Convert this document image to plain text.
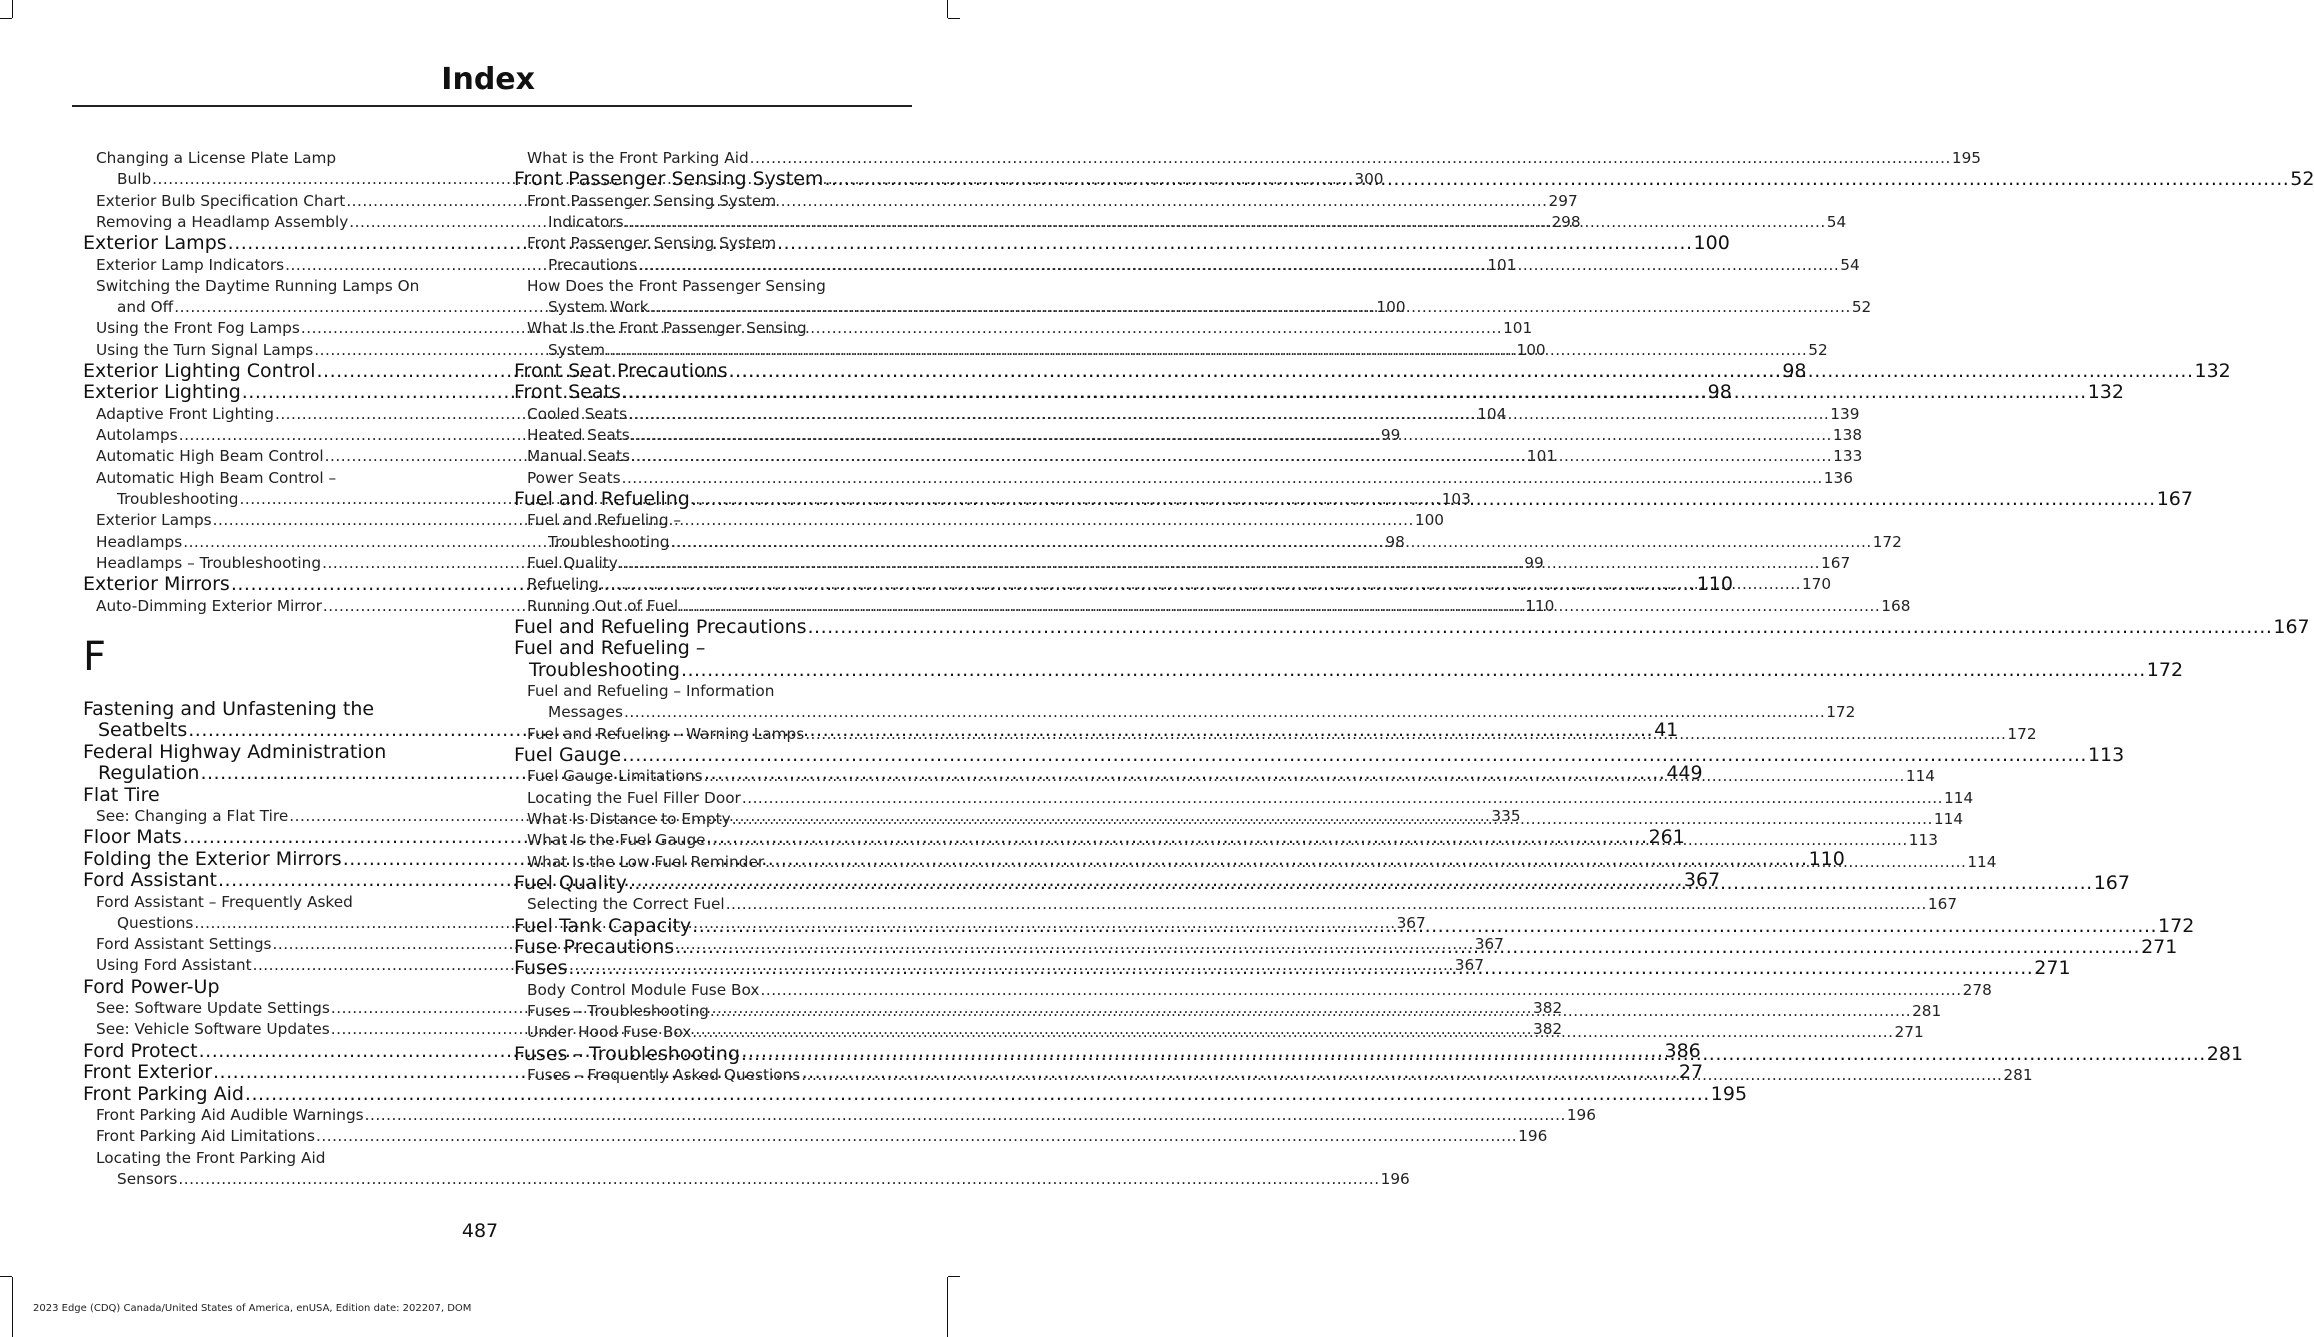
Index
Changing a License Plate Lamp
Bulb .....	300
Exterior Bulb Specification Chart .....	297
Removing a Headlamp Assembly .....	298
Exterior Lamps .....	100
Exterior Lamp Indicators .....	101
Switching the Daytime Running Lamps On
and Off .....	100
Using the Front Fog Lamps .....	101
Using the Turn Signal Lamps .....	100
Exterior Lighting Control .....	98
Exterior Lighting .....	98
Adaptive Front Lighting .....	104
Autolamps .....	99
Automatic High Beam Control .....	101
Automatic High Beam Control –
Troubleshooting .....	103
Exterior Lamps .....	100
Headlamps .....	98
Headlamps – Troubleshooting .....	99
Exterior Mirrors .....	110
Auto-Dimming Exterior Mirror .....	110
F
Fastening and Unfastening the
Seatbelts .....	41
Federal Highway Administration
Regulation .....	449
Flat Tire
See: Changing a Flat Tire .....	335
Floor Mats .....	261
Folding the Exterior Mirrors .....	110
Ford Assistant .....	367
Ford Assistant – Frequently Asked
Questions .....	367
Ford Assistant Settings .....	367
Using Ford Assistant .....	367
Ford Power-Up
See: Software Update Settings .....	382
See: Vehicle Software Updates .....	382
Ford Protect .....	386
Front Exterior .....	27
Front Parking Aid .....	195
Front Parking Aid Audible Warnings .....	196
Front Parking Aid Limitations .....	196
Locating the Front Parking Aid
Sensors .....	196
What is the Front Parking Aid .....	195
Front Passenger Sensing System .....	52
Front Passenger Sensing System
Indicators .....	54
Front Passenger Sensing System
Precautions .....	54
How Does the Front Passenger Sensing
System Work .....	52
What Is the Front Passenger Sensing
System .....	52
Front Seat Precautions .....	132
Front Seats .....	132
Cooled Seats .....	139
Heated Seats .....	138
Manual Seats .....	133
Power Seats .....	136
Fuel and Refueling .....	167
Fuel and Refueling –
Troubleshooting .....	172
Fuel Quality .....	167
Refueling .....	170
Running Out of Fuel .....	168
Fuel and Refueling Precautions .....	167
Fuel and Refueling –
Troubleshooting .....	172
Fuel and Refueling – Information
Messages .....	172
Fuel and Refueling – Warning Lamps .....	172
Fuel Gauge .....	113
Fuel Gauge Limitations .....	114
Locating the Fuel Filler Door .....	114
What Is Distance to Empty .....	114
What Is the Fuel Gauge .....	113
What Is the Low Fuel Reminder .....	114
Fuel Quality .....	167
Selecting the Correct Fuel .....	167
Fuel Tank Capacity .....	172
Fuse Precautions .....	271
Fuses .....	271
Body Control Module Fuse Box .....	278
Fuses – Troubleshooting .....	281
Under Hood Fuse Box .....	271
Fuses – Troubleshooting .....	281
Fuses – Frequently Asked Questions .....	281
487
2023 Edge (CDQ) Canada/United States of America, enUSA, Edition date: 202207, DOM
